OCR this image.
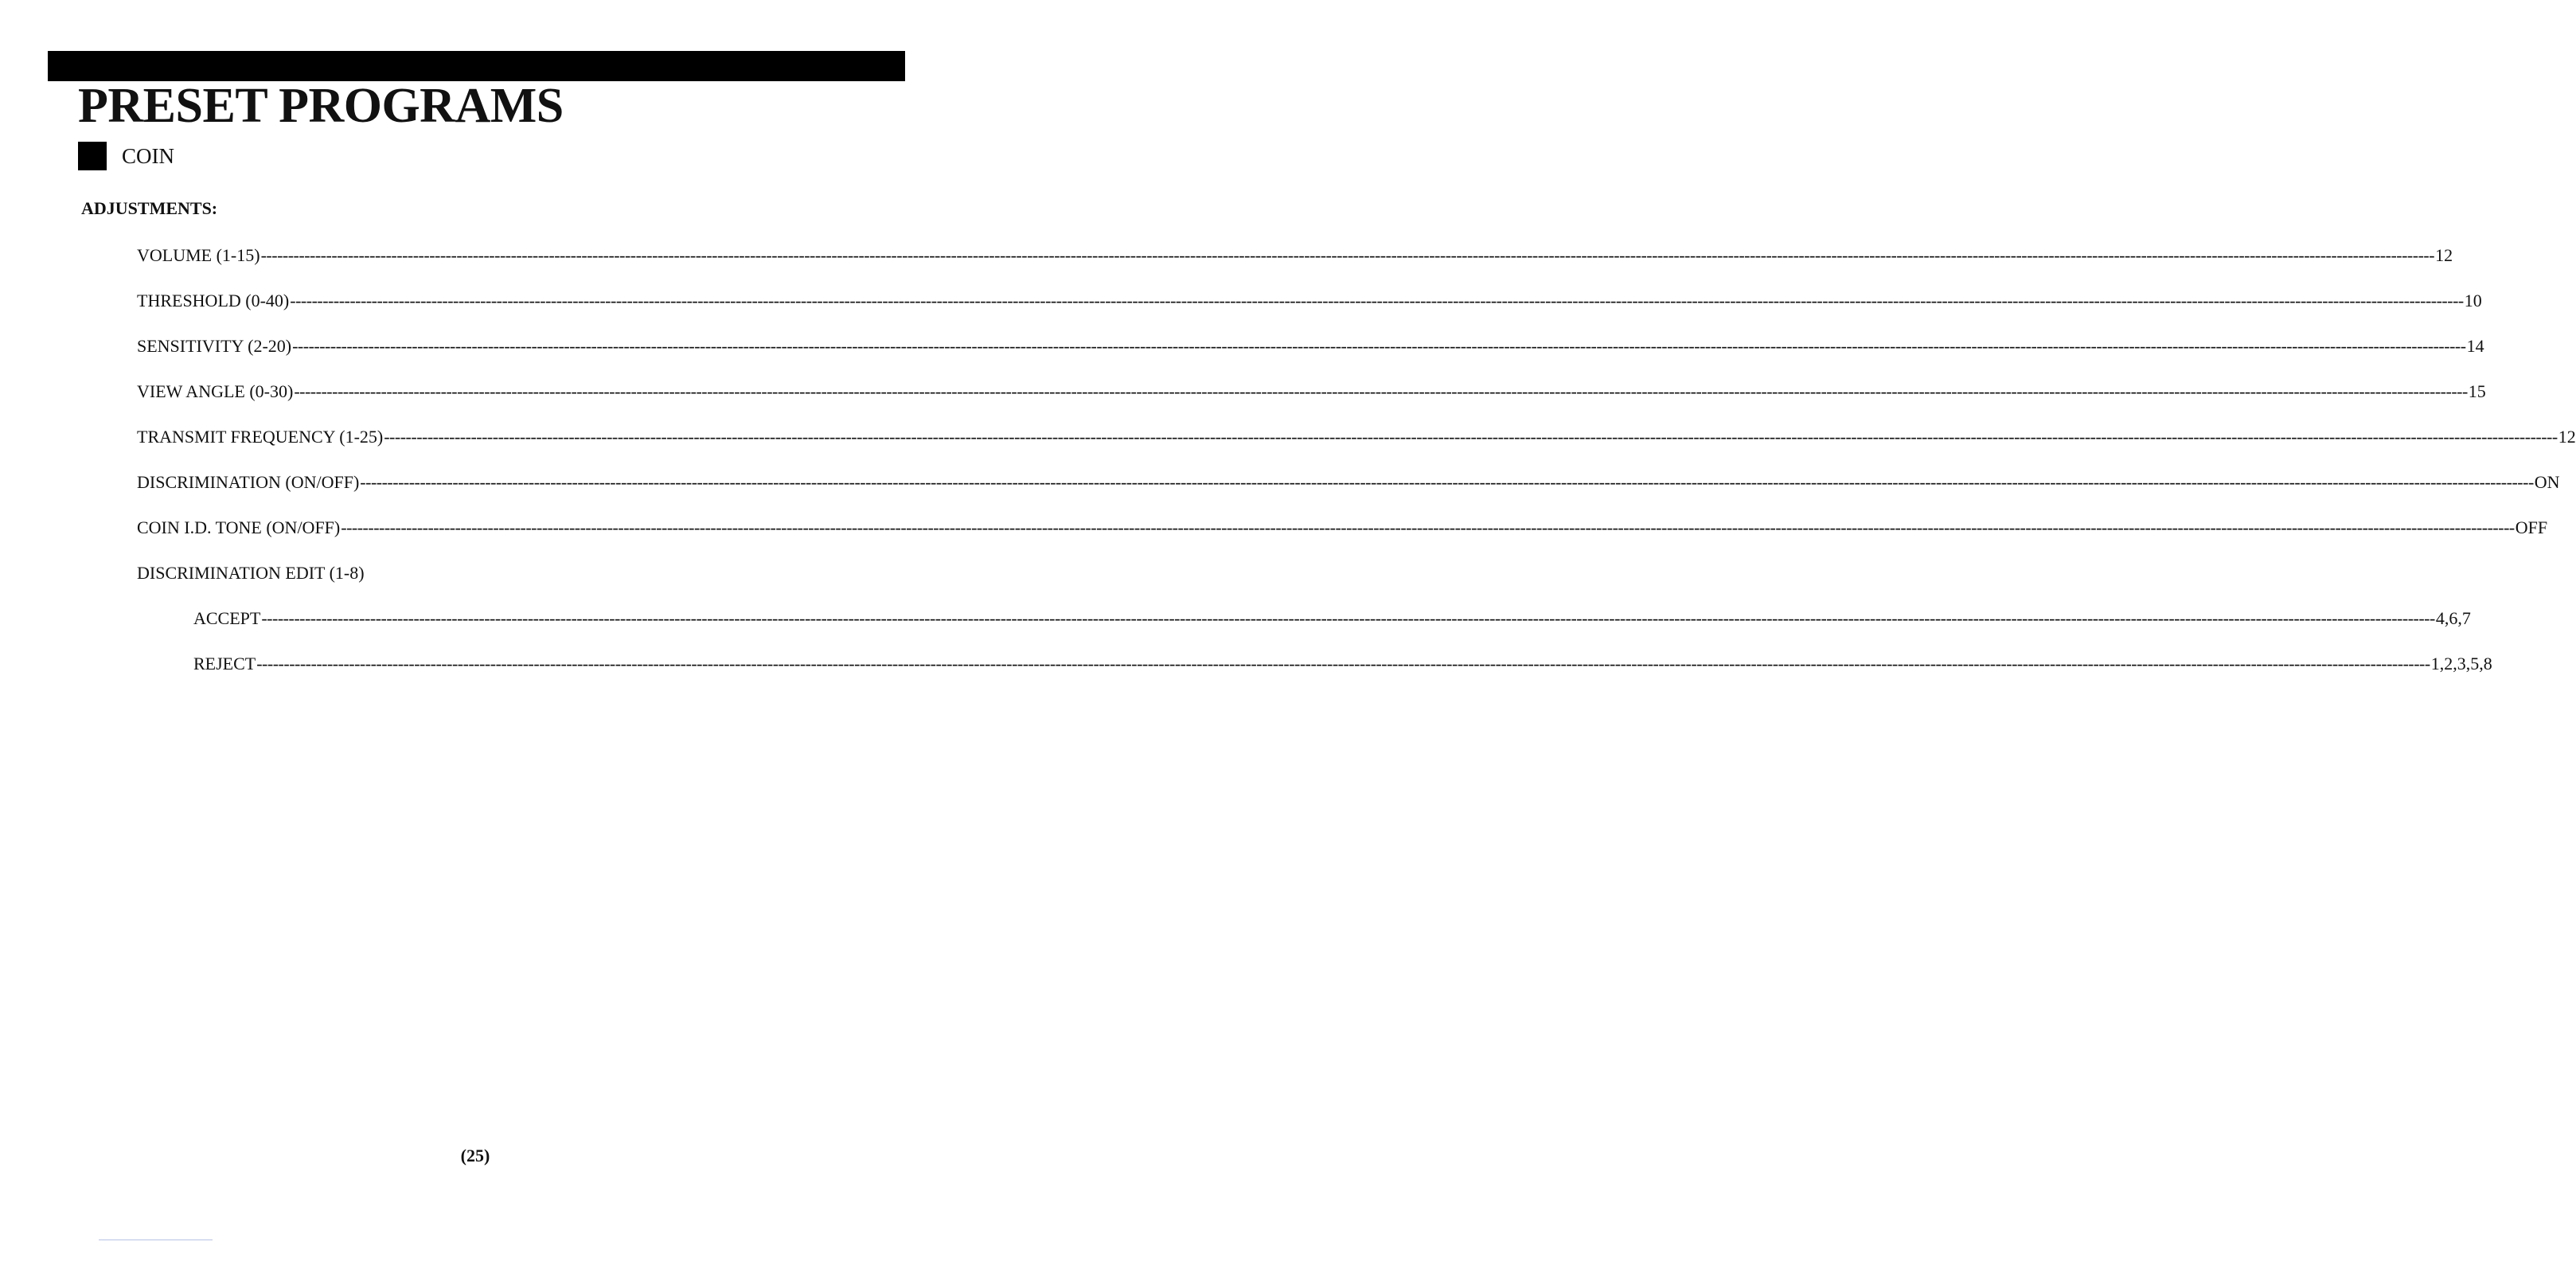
PRESET PROGRAMS
COIN
ADJUSTMENTS:
VOLUME (1-15) ---------------------------------------------------------------------------------------------------------------------------------------------------------------------------------------------------------------------------------------------------------------------------------------------------------------------------------------------------------------------------------------------------------------- 12
THRESHOLD (0-40) ---------------------------------------------------------------------------------------------------------------------------------------------------------------------------------------------------------------------------------------------------------------------------------------------------------------------------------------------------------------------------------------------------------------- 10
SENSITIVITY (2-20) ---------------------------------------------------------------------------------------------------------------------------------------------------------------------------------------------------------------------------------------------------------------------------------------------------------------------------------------------------------------------------------------------------------------- 14
VIEW ANGLE (0-30) ---------------------------------------------------------------------------------------------------------------------------------------------------------------------------------------------------------------------------------------------------------------------------------------------------------------------------------------------------------------------------------------------------------------- 15
TRANSMIT FREQUENCY (1-25) ---------------------------------------------------------------------------------------------------------------------------------------------------------------------------------------------------------------------------------------------------------------------------------------------------------------------------------------------------------------------------------------------------------------- 12
DISCRIMINATION (ON/OFF) ---------------------------------------------------------------------------------------------------------------------------------------------------------------------------------------------------------------------------------------------------------------------------------------------------------------------------------------------------------------------------------------------------------------- ON
COIN I.D. TONE (ON/OFF) ---------------------------------------------------------------------------------------------------------------------------------------------------------------------------------------------------------------------------------------------------------------------------------------------------------------------------------------------------------------------------------------------------------------- OFF
DISCRIMINATION EDIT (1-8)
ACCEPT ---------------------------------------------------------------------------------------------------------------------------------------------------------------------------------------------------------------------------------------------------------------------------------------------------------------------------------------------------------------------------------------------------------------- 4,6,7
REJECT ---------------------------------------------------------------------------------------------------------------------------------------------------------------------------------------------------------------------------------------------------------------------------------------------------------------------------------------------------------------------------------------------------------------- 1,2,3,5,8
(25)
